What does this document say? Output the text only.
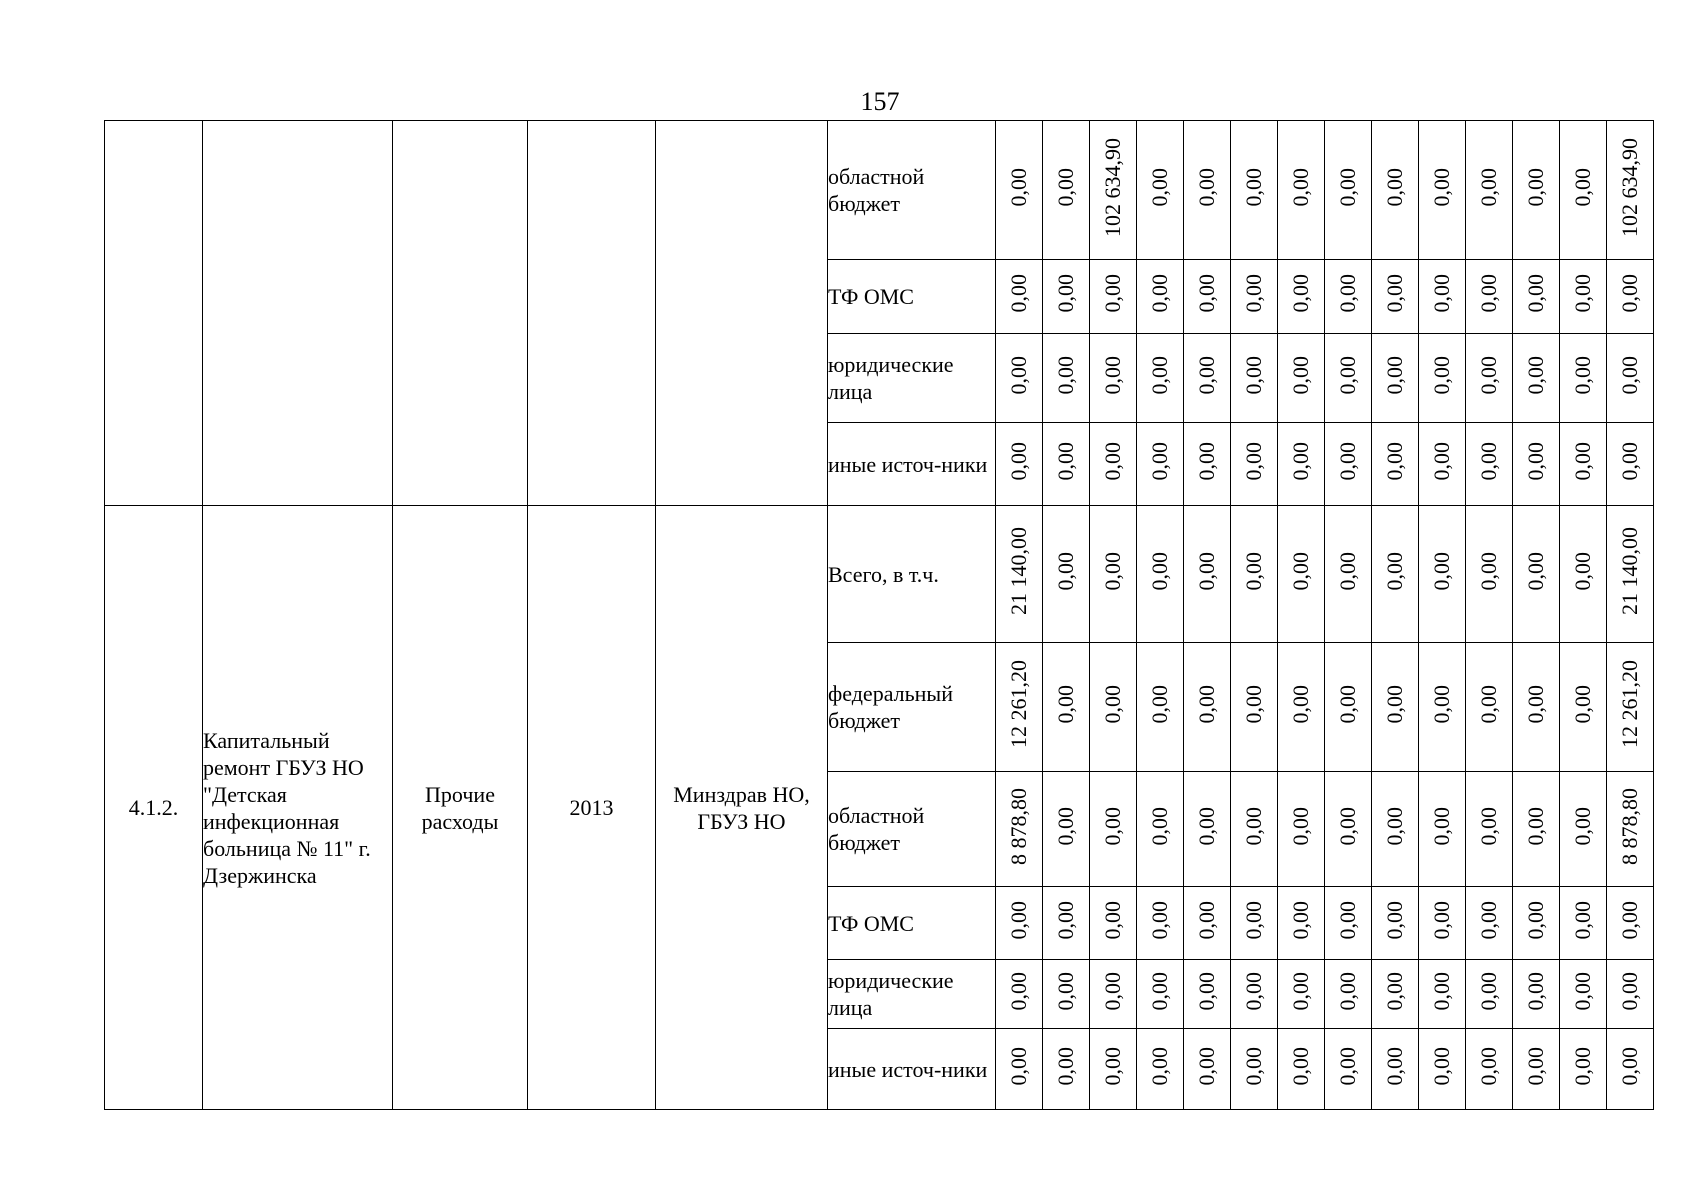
157
					областной бюджет	0,00	0,00	102 634,90	0,00	0,00	0,00	0,00	0,00	0,00	0,00	0,00	0,00	0,00	102 634,90
					ТФ ОМС	0,00	0,00	0,00	0,00	0,00	0,00	0,00	0,00	0,00	0,00	0,00	0,00	0,00	0,00
					юридические лица	0,00	0,00	0,00	0,00	0,00	0,00	0,00	0,00	0,00	0,00	0,00	0,00	0,00	0,00
					иные источ-ники	0,00	0,00	0,00	0,00	0,00	0,00	0,00	0,00	0,00	0,00	0,00	0,00	0,00	0,00
4.1.2.	Капитальный ремонт ГБУЗ НО "Детская инфекционная больница № 11" г. Дзержинска	Прочие расходы	2013	Минздрав НО, ГБУЗ НО	Всего, в т.ч.	21 140,00	0,00	0,00	0,00	0,00	0,00	0,00	0,00	0,00	0,00	0,00	0,00	0,00	21 140,00
					федеральный бюджет	12 261,20	0,00	0,00	0,00	0,00	0,00	0,00	0,00	0,00	0,00	0,00	0,00	0,00	12 261,20
					областной бюджет	8 878,80	0,00	0,00	0,00	0,00	0,00	0,00	0,00	0,00	0,00	0,00	0,00	0,00	8 878,80
					ТФ ОМС	0,00	0,00	0,00	0,00	0,00	0,00	0,00	0,00	0,00	0,00	0,00	0,00	0,00	0,00
					юридические лица	0,00	0,00	0,00	0,00	0,00	0,00	0,00	0,00	0,00	0,00	0,00	0,00	0,00	0,00
					иные источ-ники	0,00	0,00	0,00	0,00	0,00	0,00	0,00	0,00	0,00	0,00	0,00	0,00	0,00	0,00
